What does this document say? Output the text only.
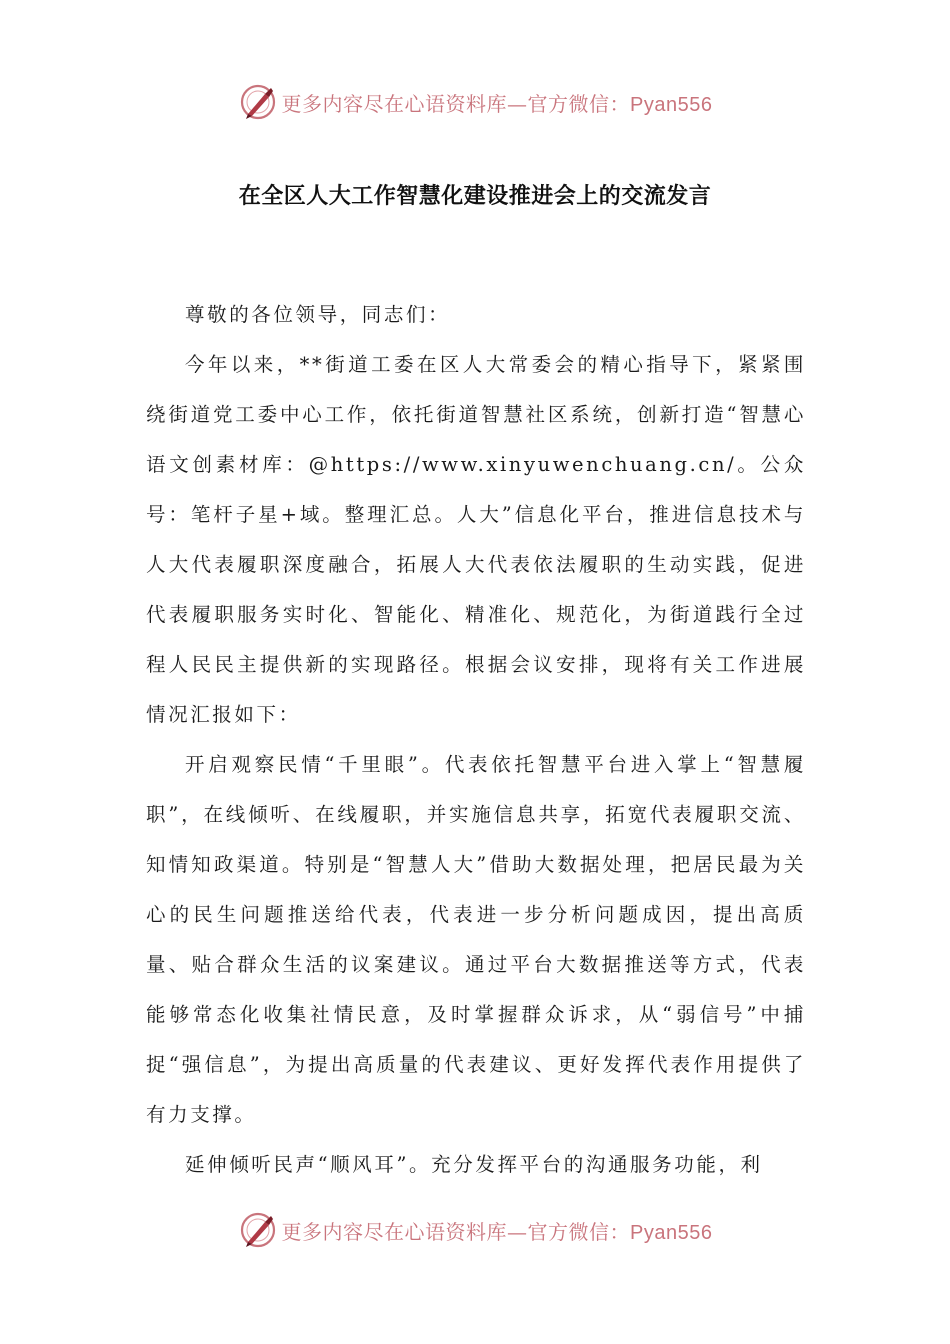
更多内容尽在心语资料库—官方微信：Pyan556
在全区人大工作智慧化建设推进会上的交流发言

尊敬的各位领导，同志们：

今年以来，**街道工委在区人大常委会的精心指导下，紧紧围绕街道党工委中心工作，依托街道智慧社区系统，创新打造“智慧心语文创素材库：@https://www.xinyuwenchuang.cn/。公众号：笔杆子星+域。整理汇总。人大”信息化平台，推进信息技术与人大代表履职深度融合，拓展人大代表依法履职的生动实践，促进代表履职服务实时化、智能化、精准化、规范化，为街道践行全过程人民民主提供新的实现路径。根据会议安排，现将有关工作进展情况汇报如下：

开启观察民情“千里眼”。代表依托智慧平台进入掌上“智慧履职”，在线倾听、在线履职，并实施信息共享，拓宽代表履职交流、知情知政渠道。特别是“智慧人大”借助大数据处理，把居民最为关心的民生问题推送给代表，代表进一步分析问题成因，提出高质量、贴合群众生活的议案建议。通过平台大数据推送等方式，代表能够常态化收集社情民意，及时掌握群众诉求，从“弱信号”中捕捉“强信息”，为提出高质量的代表建议、更好发挥代表作用提供了有力支撑。

延伸倾听民声“顺风耳”。充分发挥平台的沟通服务功能，利

更多内容尽在心语资料库—官方微信：Pyan556
